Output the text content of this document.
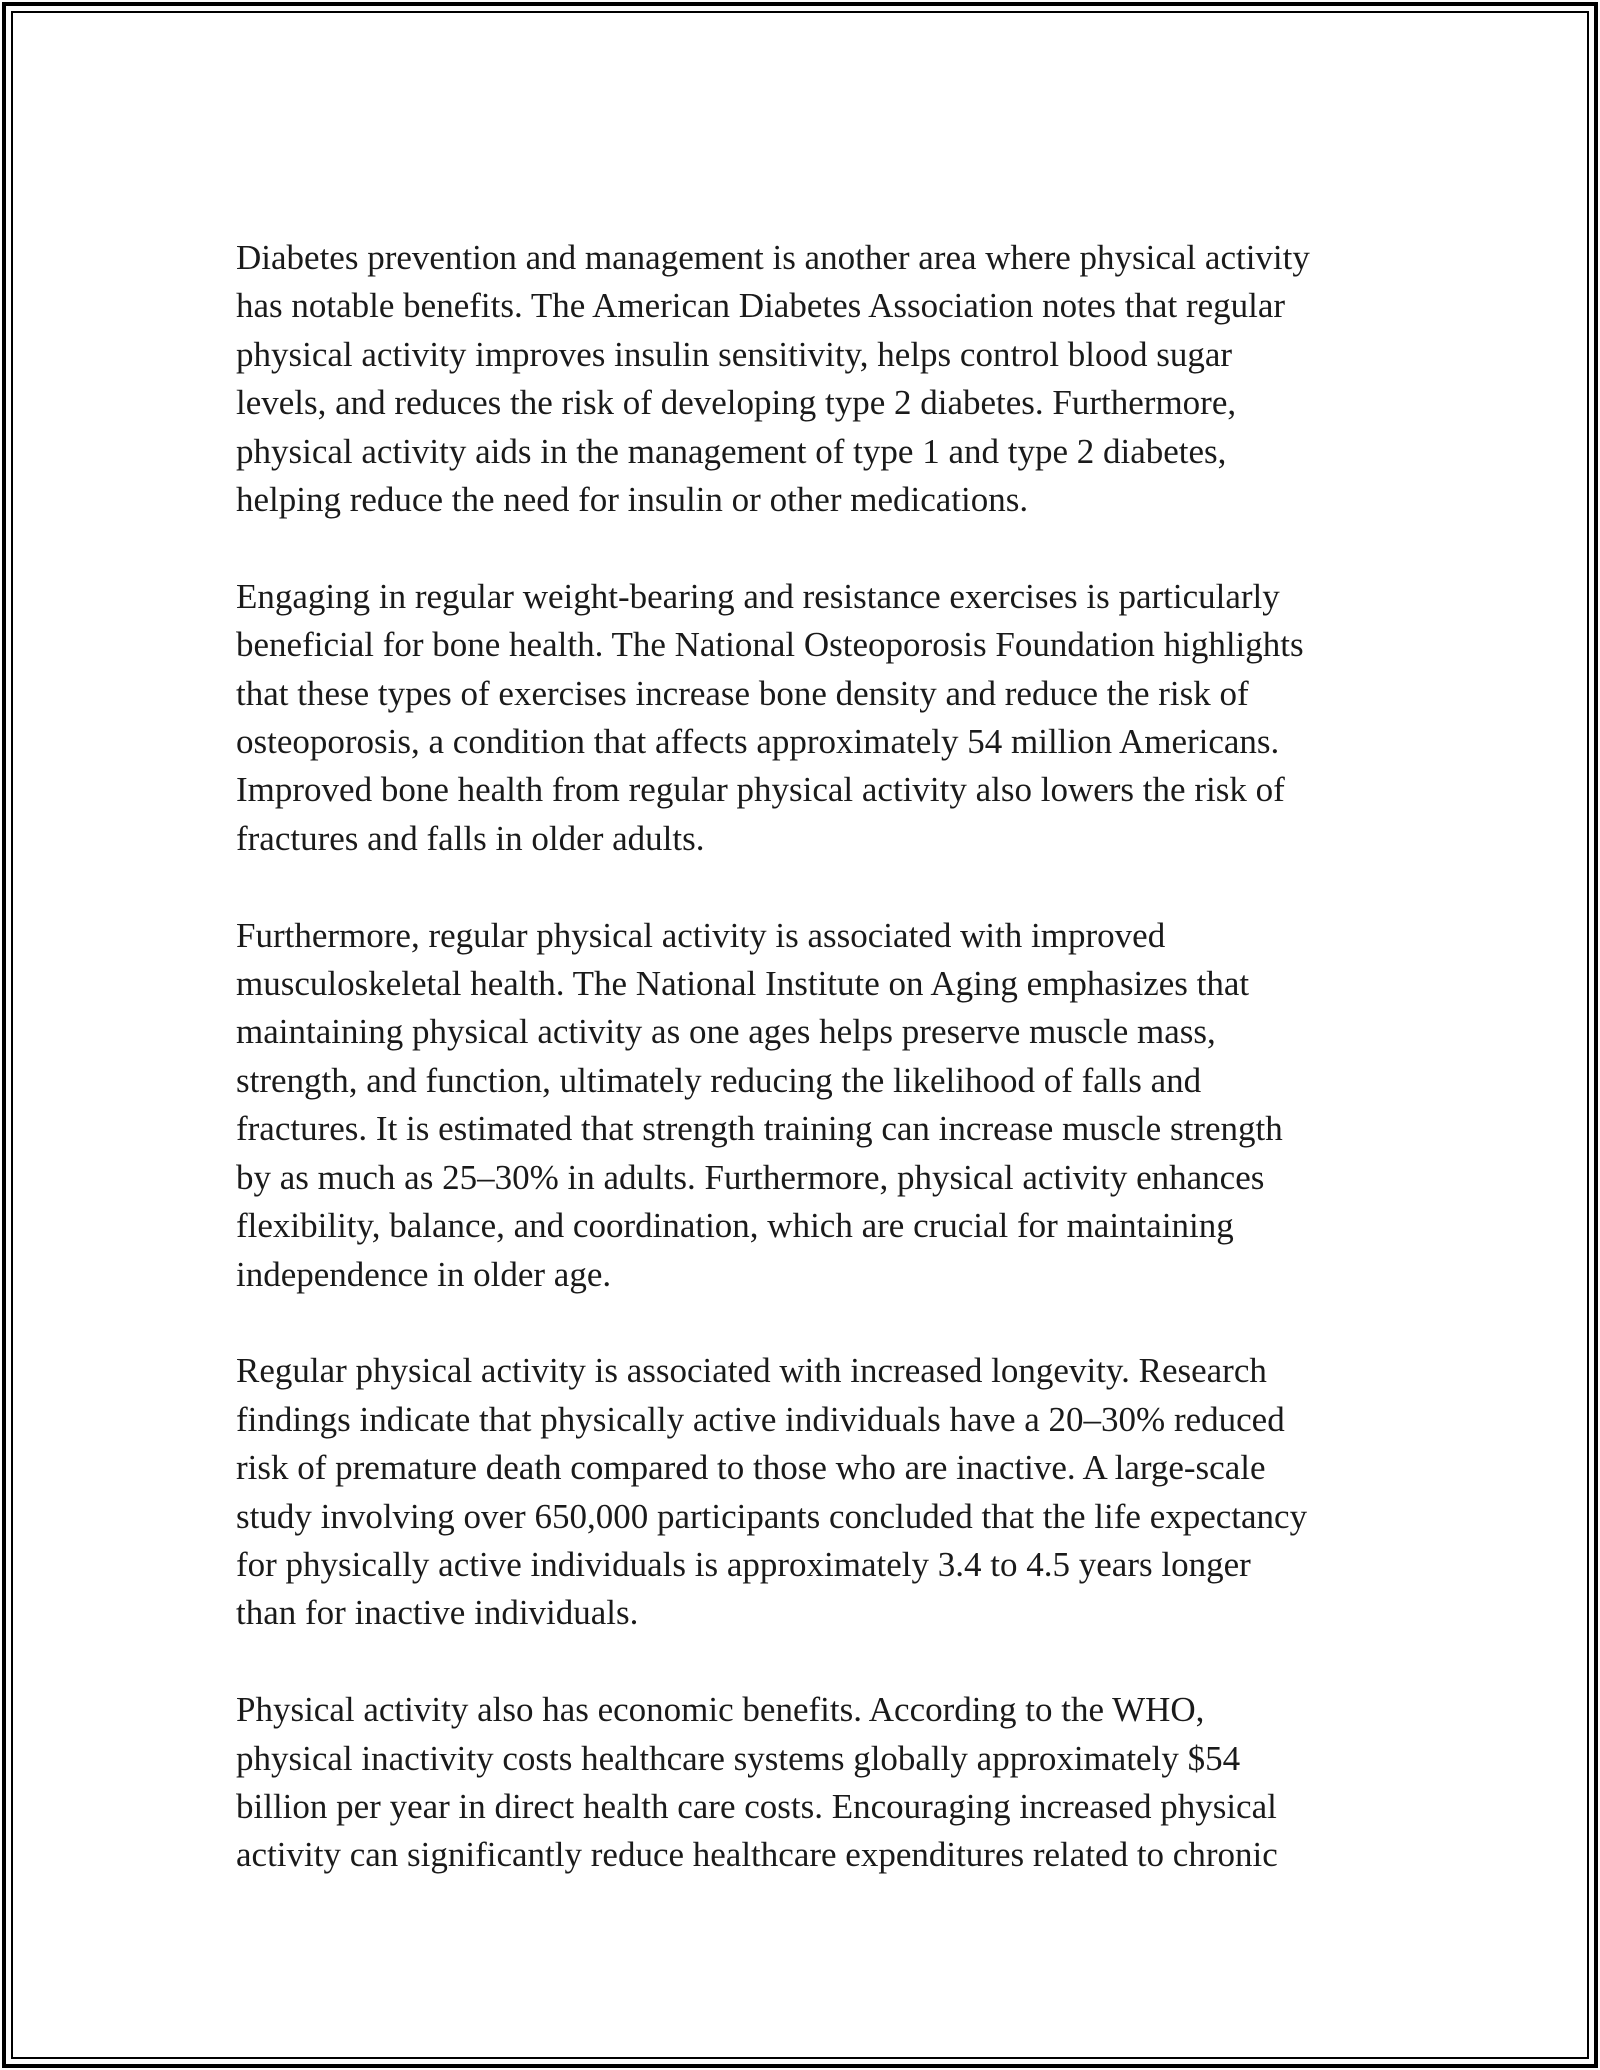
Diabetes prevention and management is another area where physical activity
has notable benefits. The American Diabetes Association notes that regular
physical activity improves insulin sensitivity, helps control blood sugar
levels, and reduces the risk of developing type 2 diabetes. Furthermore,
physical activity aids in the management of type 1 and type 2 diabetes,
helping reduce the need for insulin or other medications.

Engaging in regular weight-bearing and resistance exercises is particularly
beneficial for bone health. The National Osteoporosis Foundation highlights
that these types of exercises increase bone density and reduce the risk of
osteoporosis, a condition that affects approximately 54 million Americans.
Improved bone health from regular physical activity also lowers the risk of
fractures and falls in older adults.

Furthermore, regular physical activity is associated with improved
musculoskeletal health. The National Institute on Aging emphasizes that
maintaining physical activity as one ages helps preserve muscle mass,
strength, and function, ultimately reducing the likelihood of falls and
fractures. It is estimated that strength training can increase muscle strength
by as much as 25–30% in adults. Furthermore, physical activity enhances
flexibility, balance, and coordination, which are crucial for maintaining
independence in older age.

Regular physical activity is associated with increased longevity. Research
findings indicate that physically active individuals have a 20–30% reduced
risk of premature death compared to those who are inactive. A large-scale
study involving over 650,000 participants concluded that the life expectancy
for physically active individuals is approximately 3.4 to 4.5 years longer
than for inactive individuals.

Physical activity also has economic benefits. According to the WHO,
physical inactivity costs healthcare systems globally approximately $54
billion per year in direct health care costs. Encouraging increased physical
activity can significantly reduce healthcare expenditures related to chronic
